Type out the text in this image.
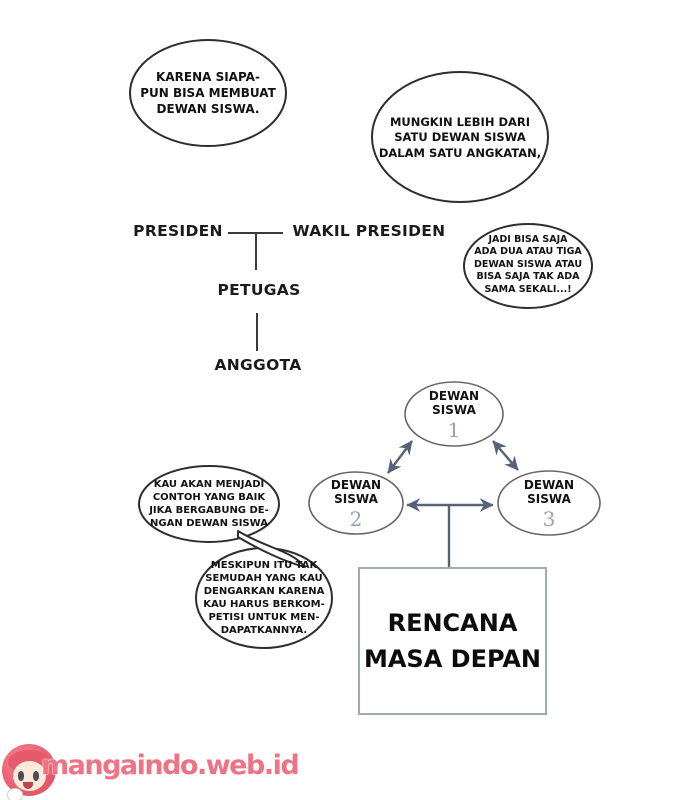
KARENA SIAPA-
PUN BISA MEMBUAT
DEWAN SISWA.
MUNGKIN LEBIH DARI
SATU DEWAN SISWA
DALAM SATU ANGKATAN,
JADI BISA SAJA
ADA DUA ATAU TIGA
DEWAN SISWA ATAU
BISA SAJA TAK ADA
SAMA SEKALI...!
KAU AKAN MENJADI
CONTOH YANG BAIK
JIKA BERGABUNG DE-
NGAN DEWAN SISWA
MESKIPUN ITU TAK
SEMUDAH YANG KAU
DENGARKAN KARENA
KAU HARUS BERKOM-
PETISI UNTUK MEN-
DAPATKANNYA.
PRESIDEN	WAKIL PRESIDEN
PETUGAS
ANGGOTA
DEWAN
SISWA
1
DEWAN
SISWA
2
DEWAN
SISWA
3
RENCANA
MASA DEPAN
mangaindo.web.id
